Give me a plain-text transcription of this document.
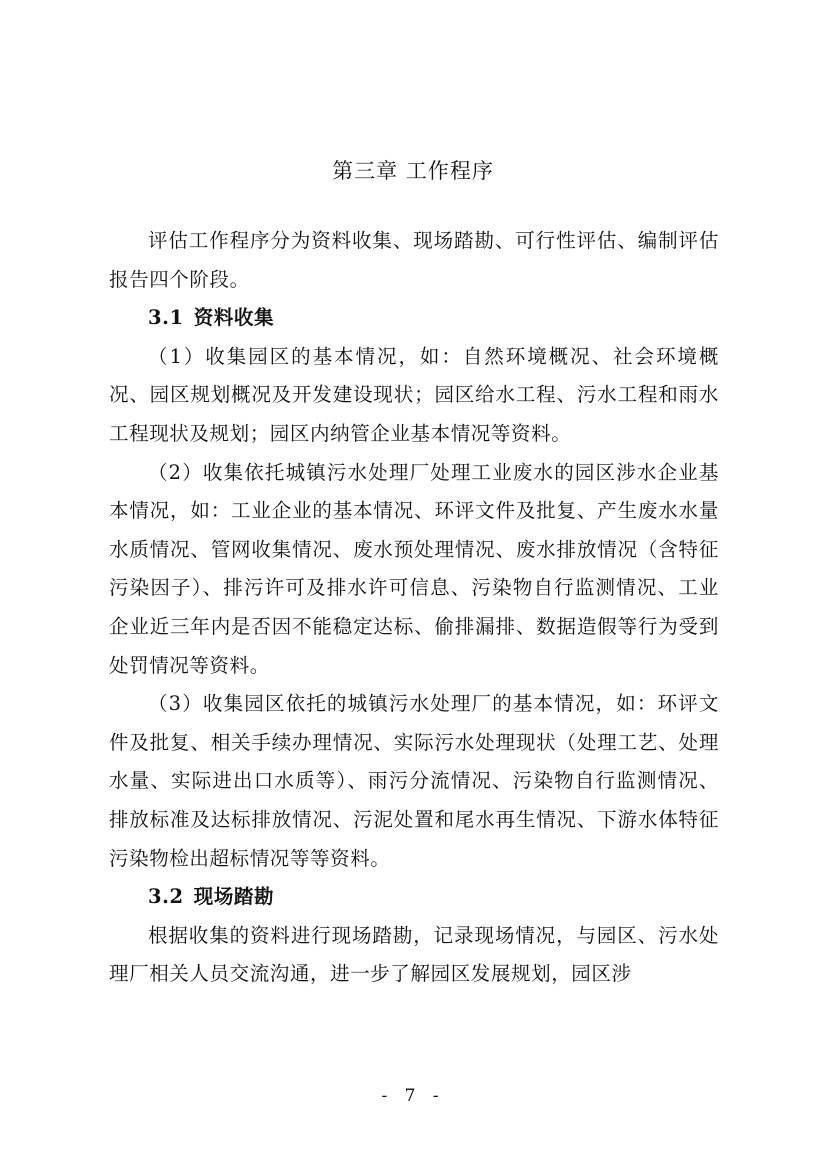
第三章 工作程序

评估工作程序分为资料收集、现场踏勘、可行性评估、编制评估报告四个阶段。

3.1 资料收集

（1）收集园区的基本情况，如：自然环境概况、社会环境概况、园区规划概况及开发建设现状；园区给水工程、污水工程和雨水工程现状及规划；园区内纳管企业基本情况等资料。

（2）收集依托城镇污水处理厂处理工业废水的园区涉水企业基本情况，如：工业企业的基本情况、环评文件及批复、产生废水水量水质情况、管网收集情况、废水预处理情况、废水排放情况（含特征污染因子）、排污许可及排水许可信息、污染物自行监测情况、工业企业近三年内是否因不能稳定达标、偷排漏排、数据造假等行为受到处罚情况等资料。

（3）收集园区依托的城镇污水处理厂的基本情况，如：环评文件及批复、相关手续办理情况、实际污水处理现状（处理工艺、处理水量、实际进出口水质等）、雨污分流情况、污染物自行监测情况、排放标准及达标排放情况、污泥处置和尾水再生情况、下游水体特征污染物检出超标情况等等资料。

3.2 现场踏勘

根据收集的资料进行现场踏勘，记录现场情况，与园区、污水处理厂相关人员交流沟通，进一步了解园区发展规划，园区涉

- 7 -
